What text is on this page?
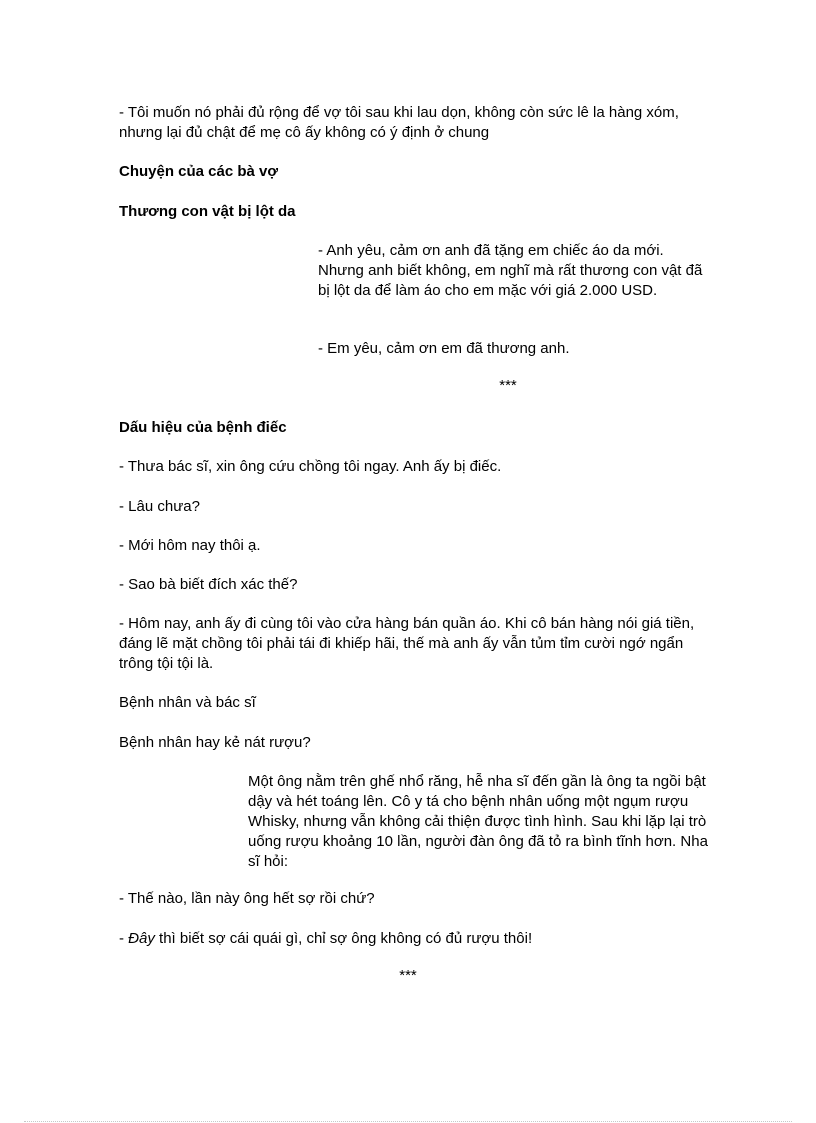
- Tôi muốn nó phải đủ rộng để vợ tôi sau khi lau dọn, không còn sức lê la hàng xóm, nhưng lại đủ chật để mẹ cô ấy không có ý định ở chung

Chuyện của các bà vợ

Thương con vật bị lột da

- Anh yêu, cảm ơn anh đã tặng em chiếc áo da mới. Nhưng anh biết không, em nghĩ mà rất thương con vật đã bị lột da để làm áo cho em mặc với giá 2.000 USD.

- Em yêu, cảm ơn em đã thương anh.

***

Dấu hiệu của bệnh điếc

- Thưa bác sĩ, xin ông cứu chồng tôi ngay. Anh ấy bị điếc.

- Lâu chưa?

- Mới hôm nay thôi ạ.

- Sao bà biết đích xác thế?

- Hôm nay, anh ấy đi cùng tôi vào cửa hàng bán quần áo. Khi cô bán hàng nói giá tiền, đáng lẽ mặt chồng tôi phải tái đi khiếp hãi, thế mà anh ấy vẫn tủm tỉm cười ngớ ngẩn trông tội tội là.

Bệnh nhân và bác sĩ

Bệnh nhân hay kẻ nát rượu?

Một ông nằm trên ghế nhổ răng, hễ nha sĩ đến gần là ông ta ngồi bật dậy và hét toáng lên. Cô y tá cho bệnh nhân uống một ngụm rượu Whisky, nhưng vẫn không cải thiện được tình hình. Sau khi lặp lại trò uống rượu khoảng 10 lần, người đàn ông đã tỏ ra bình tĩnh hơn. Nha sĩ hỏi:

- Thế nào, lần này ông hết sợ rồi chứ?

- Đây thì biết sợ cái quái gì, chỉ sợ ông không có đủ rượu thôi!

***
